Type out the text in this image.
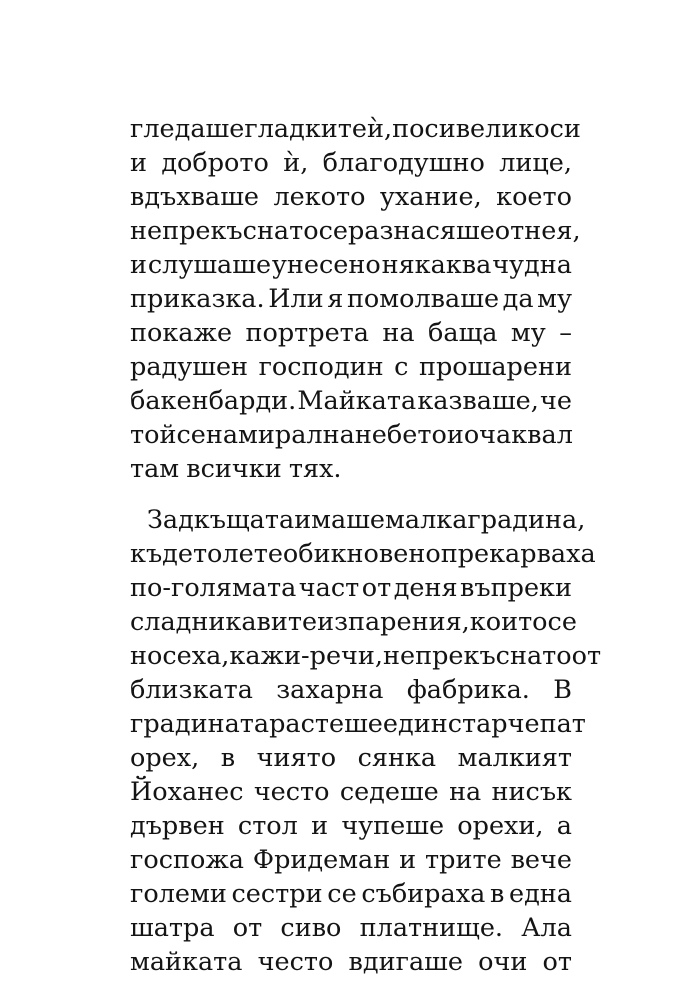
гледаше гладките ѝ, посивели коси
и доброто ѝ, благодушно лице,
вдъхваше лекото ухание, което
непрекъснато се разнасяше от нея,
и слушаше унесено някаква чудна
приказка. Или я помолваше да му
покаже портрета на баща му –
радушен господин с прошарени
бакенбарди. Майката казваше, че
той се намирал на небето и очаквал
там всички тях.
Зад къщата имаше малка градина,
където лете обикновено прекарваха
по-голямата част от деня въпреки
сладникавите изпарения, които се
носеха, кажи-речи, непрекъснато от
близката захарна фабрика. В
градината растеше един стар чепат
орех, в чиято сянка малкият
Йоханес често седеше на нисък
дървен стол и чупеше орехи, а
госпожа Фридеман и трите вече
големи сестри се събираха в една
шатра от сиво платнище. Ала
майката често вдигаше очи от
